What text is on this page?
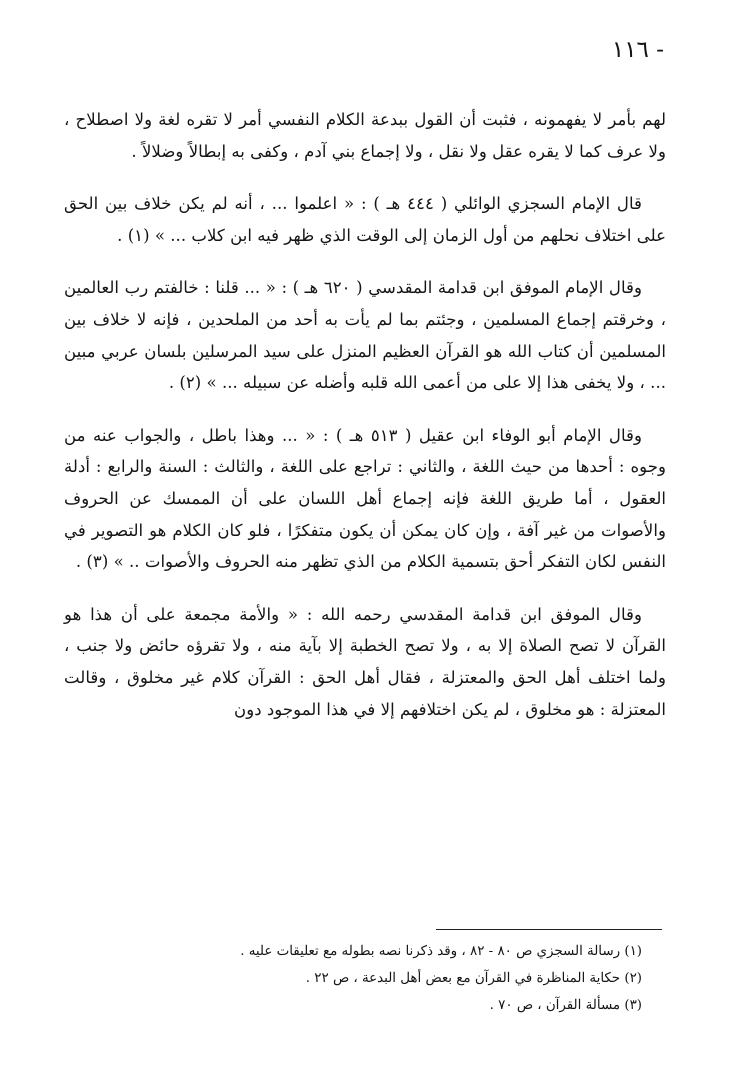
- ١١٦

لهم بأمر لا يفهمونه ، فثبت أن القول ببدعة الكلام النفسي أمر لا تقره لغة ولا اصطلاح ، ولا عرف كما لا يقره عقل ولا نقل ، ولا إجماع بني آدم ، وكفى به إبطالاً وضلالاً .

قال الإمام السجزي الوائلي ( ٤٤٤ هـ ) : « اعلموا ... ، أنه لم يكن خلاف بين الحق على اختلاف نحلهم من أول الزمان إلى الوقت الذي ظهر فيه ابن كلاب ... » (١) .

وقال الإمام الموفق ابن قدامة المقدسي ( ٦٢٠ هـ ) : « ... قلنا : خالفتم رب العالمين ، وخرقتم إجماع المسلمين ، وجئتم بما لم يأت به أحد من الملحدين ، فإنه لا خلاف بين المسلمين أن كتاب الله هو القرآن العظيم المنزل على سيد المرسلين بلسان عربي مبين ... ، ولا يخفى هذا إلا على من أعمى الله قلبه وأضله عن سبيله ... » (٢) .

وقال الإمام أبو الوفاء ابن عقيل ( ٥١٣ هـ ) : « ... وهذا باطل ، والجواب عنه من وجوه : أحدها من حيث اللغة ، والثاني : تراجع على اللغة ، والثالث : السنة والرابع : أدلة العقول ، أما طريق اللغة فإنه إجماع أهل اللسان على أن الممسك عن الحروف والأصوات من غير آفة ، وإن كان يمكن أن يكون متفكرًا ، فلو كان الكلام هو التصوير في النفس لكان التفكر أحق بتسمية الكلام من الذي تظهر منه الحروف والأصوات .. » (٣) .

وقال الموفق ابن قدامة المقدسي رحمه الله : « والأمة مجمعة على أن هذا هو القرآن لا تصح الصلاة إلا به ، ولا تصح الخطبة إلا بآية منه ، ولا تقرؤه حائض ولا جنب ، ولما اختلف أهل الحق والمعتزلة ، فقال أهل الحق : القرآن كلام غير مخلوق ، وقالت المعتزلة : هو مخلوق ، لم يكن اختلافهم إلا في هذا الموجود دون

(١) رسالة السجزي ص ٨٠ - ٨٢ ، وقد ذكرنا نصه بطوله مع تعليقات عليه .
(٢) حكاية المناظرة في القرآن مع بعض أهل البدعة ، ص ٢٢ .
(٣) مسألة القرآن ، ص ٧٠ .
